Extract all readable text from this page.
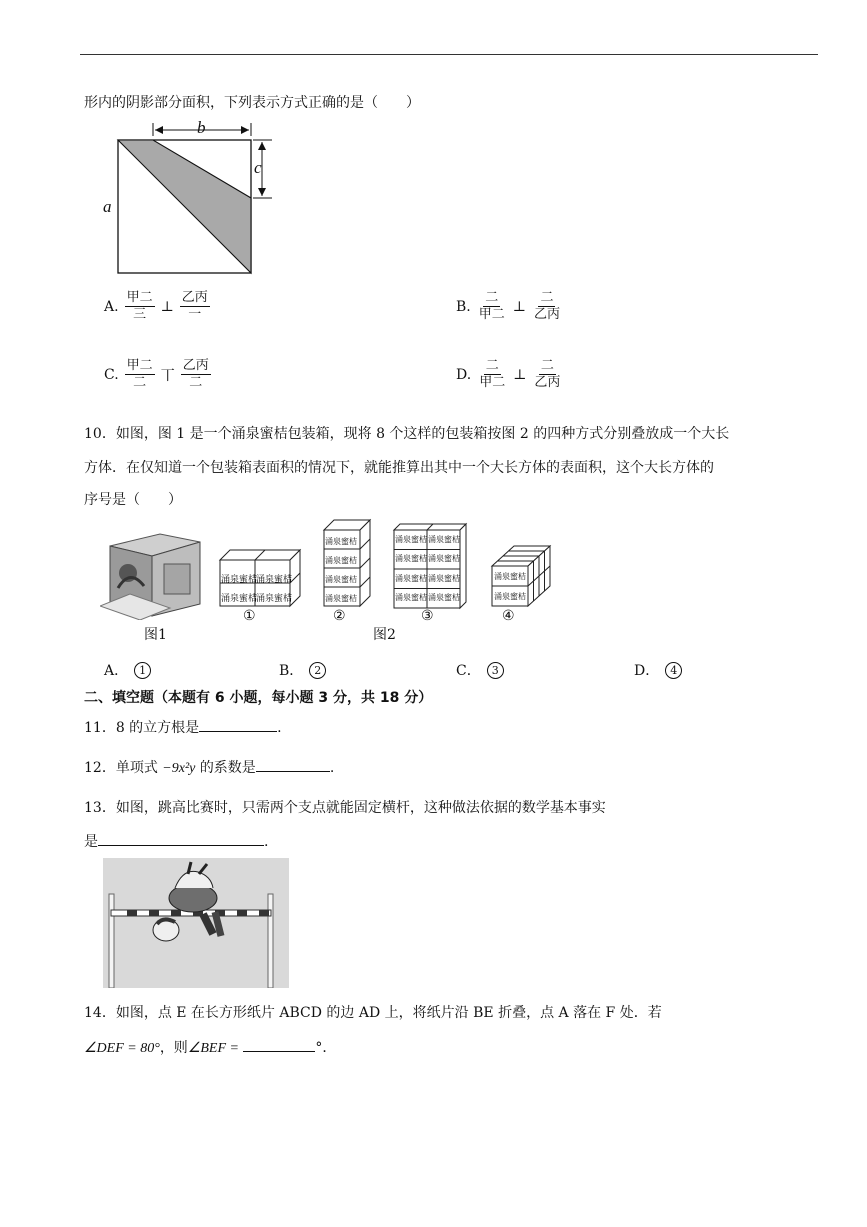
形内的阴影部分面积，下列表示方式正确的是（　　）
b
c
a
A. $\frac{\text{甲二}}{\text{三}}$ ⊥ $\frac{\text{乙丙}}{\text{一}}$	B. $\frac{\text{二}}{\text{甲二}}$ ⊥ $\frac{\text{二}}{\text{乙丙}}$
C. $\frac{\text{甲二}}{\text{二}}$ 丅 $\frac{\text{乙丙}}{\text{二}}$	D. $\frac{\text{二}}{\text{甲二}}$ ⊥ $\frac{\text{二}}{\text{乙丙}}$
10．如图，图 1 是一个涌泉蜜桔包装箱，现将 8 个这样的包装箱按图 2 的四种方式分别叠放成一个大长
方体．在仅知道一个包装箱表面积的情况下，就能推算出其中一个大长方体的表面积，这个大长方体的
序号是（　　）
涌泉蜜桔
涌泉蜜桔
涌泉蜜桔
涌泉蜜桔
涌泉蜜桔
涌泉蜜桔
涌泉蜜桔
涌泉蜜桔
涌泉蜜桔 涌泉蜜桔
涌泉蜜桔 涌泉蜜桔
涌泉蜜桔 涌泉蜜桔
涌泉蜜桔 涌泉蜜桔
涌泉蜜桔
涌泉蜜桔
图1
①	②	③	④
图2
A．	1	B．	2	C．	3	D．	4
二、填空题（本题有 6 小题，每小题 3 分，共 18 分）
11．8 的立方根是	.
12．单项式 −9x²y 的系数是	.
13．如图，跳高比赛时，只需两个支点就能固定横杆，这种做法依据的数学基本事实
是	.
14．如图，点 E 在长方形纸片 ABCD 的边 AD 上，将纸片沿 BE 折叠，点 A 落在 F 处．若
∠DEF = 80°，则∠BEF =	°．
